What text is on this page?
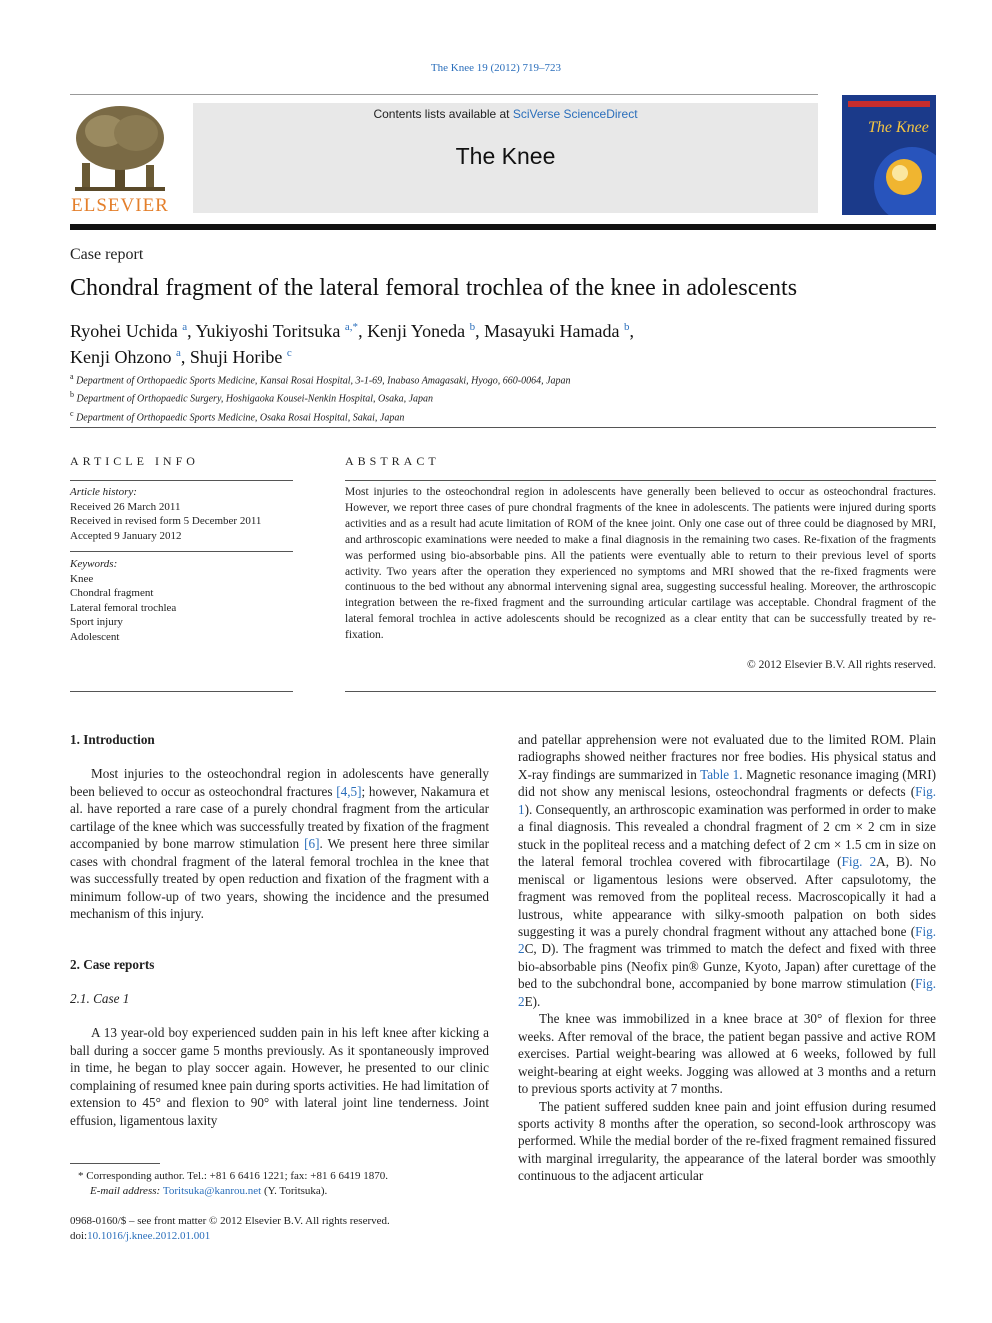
The Knee 19 (2012) 719–723
ELSEVIER
Contents lists available at SciVerse ScienceDirect
The Knee
The Knee
Case report
Chondral fragment of the lateral femoral trochlea of the knee in adolescents
Ryohei Uchida $^a$, Yukiyoshi Toritsuka $^{a,*}$, Kenji Yoneda $^b$, Masayuki Hamada $^b$,
Kenji Ohzono $^a$, Shuji Horibe $^c$
$^a$ Department of Orthopaedic Sports Medicine, Kansai Rosai Hospital, 3-1-69, Inabaso Amagasaki, Hyogo, 660-0064, Japan
$^b$ Department of Orthopaedic Surgery, Hoshigaoka Kousei-Nenkin Hospital, Osaka, Japan
$^c$ Department of Orthopaedic Sports Medicine, Osaka Rosai Hospital, Sakai, Japan
ARTICLE INFO
Article history:
Received 26 March 2011
Received in revised form 5 December 2011
Accepted 9 January 2012
Keywords:
Knee
Chondral fragment
Lateral femoral trochlea
Sport injury
Adolescent
ABSTRACT
Most injuries to the osteochondral region in adolescents have generally been believed to occur as osteochondral fractures. However, we report three cases of pure chondral fragments of the knee in adolescents. The patients were injured during sports activities and as a result had acute limitation of ROM of the knee joint. Only one case out of three could be diagnosed by MRI, and arthroscopic examinations were needed to make a final diagnosis in the remaining two cases. Re-fixation of the fragments was performed using bio-absorbable pins. All the patients were eventually able to return to their previous level of sports activity. Two years after the operation they experienced no symptoms and MRI showed that the re-fixed fragments were continuous to the bed without any abnormal intervening signal area, suggesting successful healing. Moreover, the arthroscopic integration between the re-fixed fragment and the surrounding articular cartilage was acceptable. Chondral fragment of the lateral femoral trochlea in active adolescents should be recognized as a clear entity that can be successfully treated by re-fixation.
© 2012 Elsevier B.V. All rights reserved.

1. Introduction

Most injuries to the osteochondral region in adolescents have generally been believed to occur as osteochondral fractures [4,5]; however, Nakamura et al. have reported a rare case of a purely chondral fragment from the articular cartilage of the knee which was successfully treated by fixation of the fragment accompanied by bone marrow stimulation [6]. We present here three similar cases with chondral fragment of the lateral femoral trochlea in the knee that was successfully treated by open reduction and fixation of the fragment with a minimum follow-up of two years, showing the incidence and the presumed mechanism of this injury.

2. Case reports

2.1. Case 1

A 13 year-old boy experienced sudden pain in his left knee after kicking a ball during a soccer game 5 months previously. As it spontaneously improved in time, he began to play soccer again. However, he presented to our clinic complaining of resumed knee pain during sports activities. He had limitation of extension to 45° and flexion to 90° with lateral joint line tenderness. Joint effusion, ligamentous laxity

and patellar apprehension were not evaluated due to the limited ROM. Plain radiographs showed neither fractures nor free bodies. His physical status and X-ray findings are summarized in Table 1. Magnetic resonance imaging (MRI) did not show any meniscal lesions, osteochondral fragments or defects (Fig. 1). Consequently, an arthroscopic examination was performed in order to make a final diagnosis. This revealed a chondral fragment of 2 cm × 2 cm in size stuck in the popliteal recess and a matching defect of 2 cm × 1.5 cm in size on the lateral femoral trochlea covered with fibrocartilage (Fig. 2A, B). No meniscal or ligamentous lesions were observed. After capsulotomy, the fragment was removed from the popliteal recess. Macroscopically it had a lustrous, white appearance with silky-smooth palpation on both sides suggesting it was a purely chondral fragment without any attached bone (Fig. 2C, D). The fragment was trimmed to match the defect and fixed with three bio-absorbable pins (Neofix pin® Gunze, Kyoto, Japan) after curettage of the bed to the subchondral bone, accompanied by bone marrow stimulation (Fig. 2E).

The knee was immobilized in a knee brace at 30° of flexion for three weeks. After removal of the brace, the patient began passive and active ROM exercises. Partial weight-bearing was allowed at 6 weeks, followed by full weight-bearing at eight weeks. Jogging was allowed at 3 months and a return to previous sports activity at 7 months.

The patient suffered sudden knee pain and joint effusion during resumed sports activity 8 months after the operation, so second-look arthroscopy was performed. While the medial border of the re-fixed fragment remained fissured with marginal irregularity, the appearance of the lateral border was smoothly continuous to the adjacent articular

* Corresponding author. Tel.: +81 6 6416 1221; fax: +81 6 6419 1870.
E-mail address: Toritsuka@kanrou.net (Y. Toritsuka).
0968-0160/$ – see front matter © 2012 Elsevier B.V. All rights reserved.
doi:10.1016/j.knee.2012.01.001
